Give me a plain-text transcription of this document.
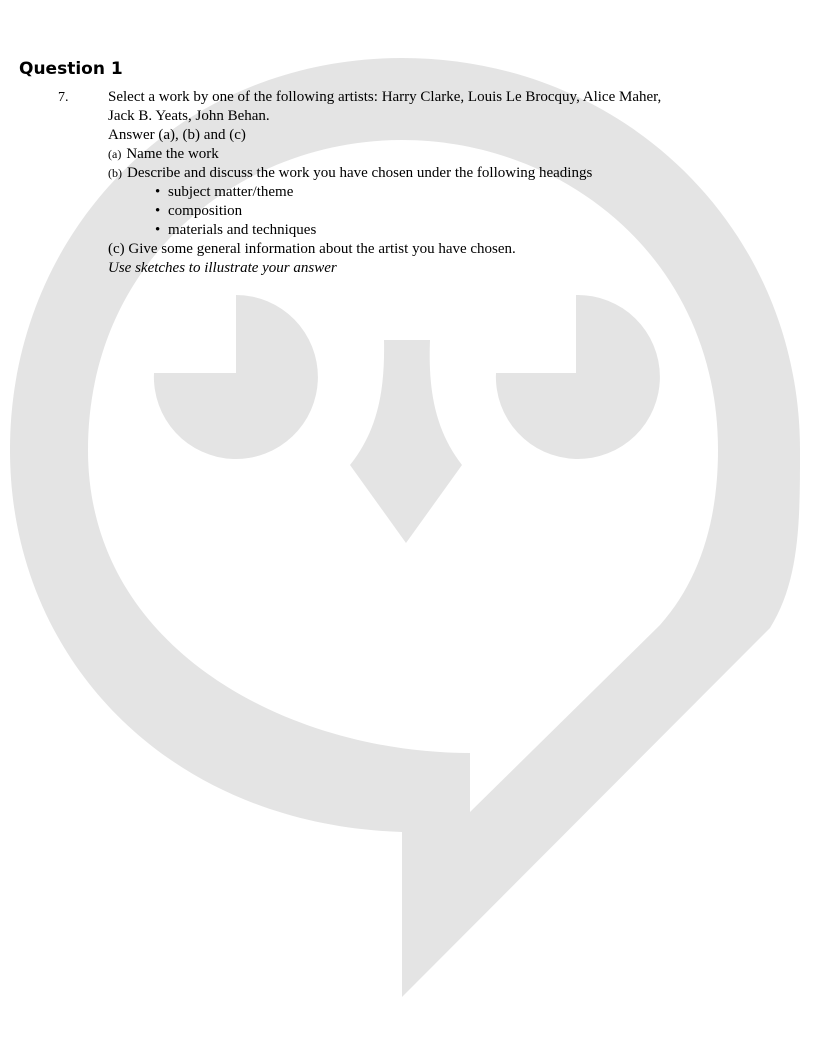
Question 1
7.	Select a work by one of the following artists: Harry Clarke, Louis Le Brocquy, Alice Maher,
Jack B. Yeats, John Behan.
Answer (a), (b) and (c)
(a) Name the work
(b) Describe and discuss the work you have chosen under the following headings
• subject matter/theme
• composition
• materials and techniques
(c) Give some general information about the artist you have chosen.
Use sketches to illustrate your answer
